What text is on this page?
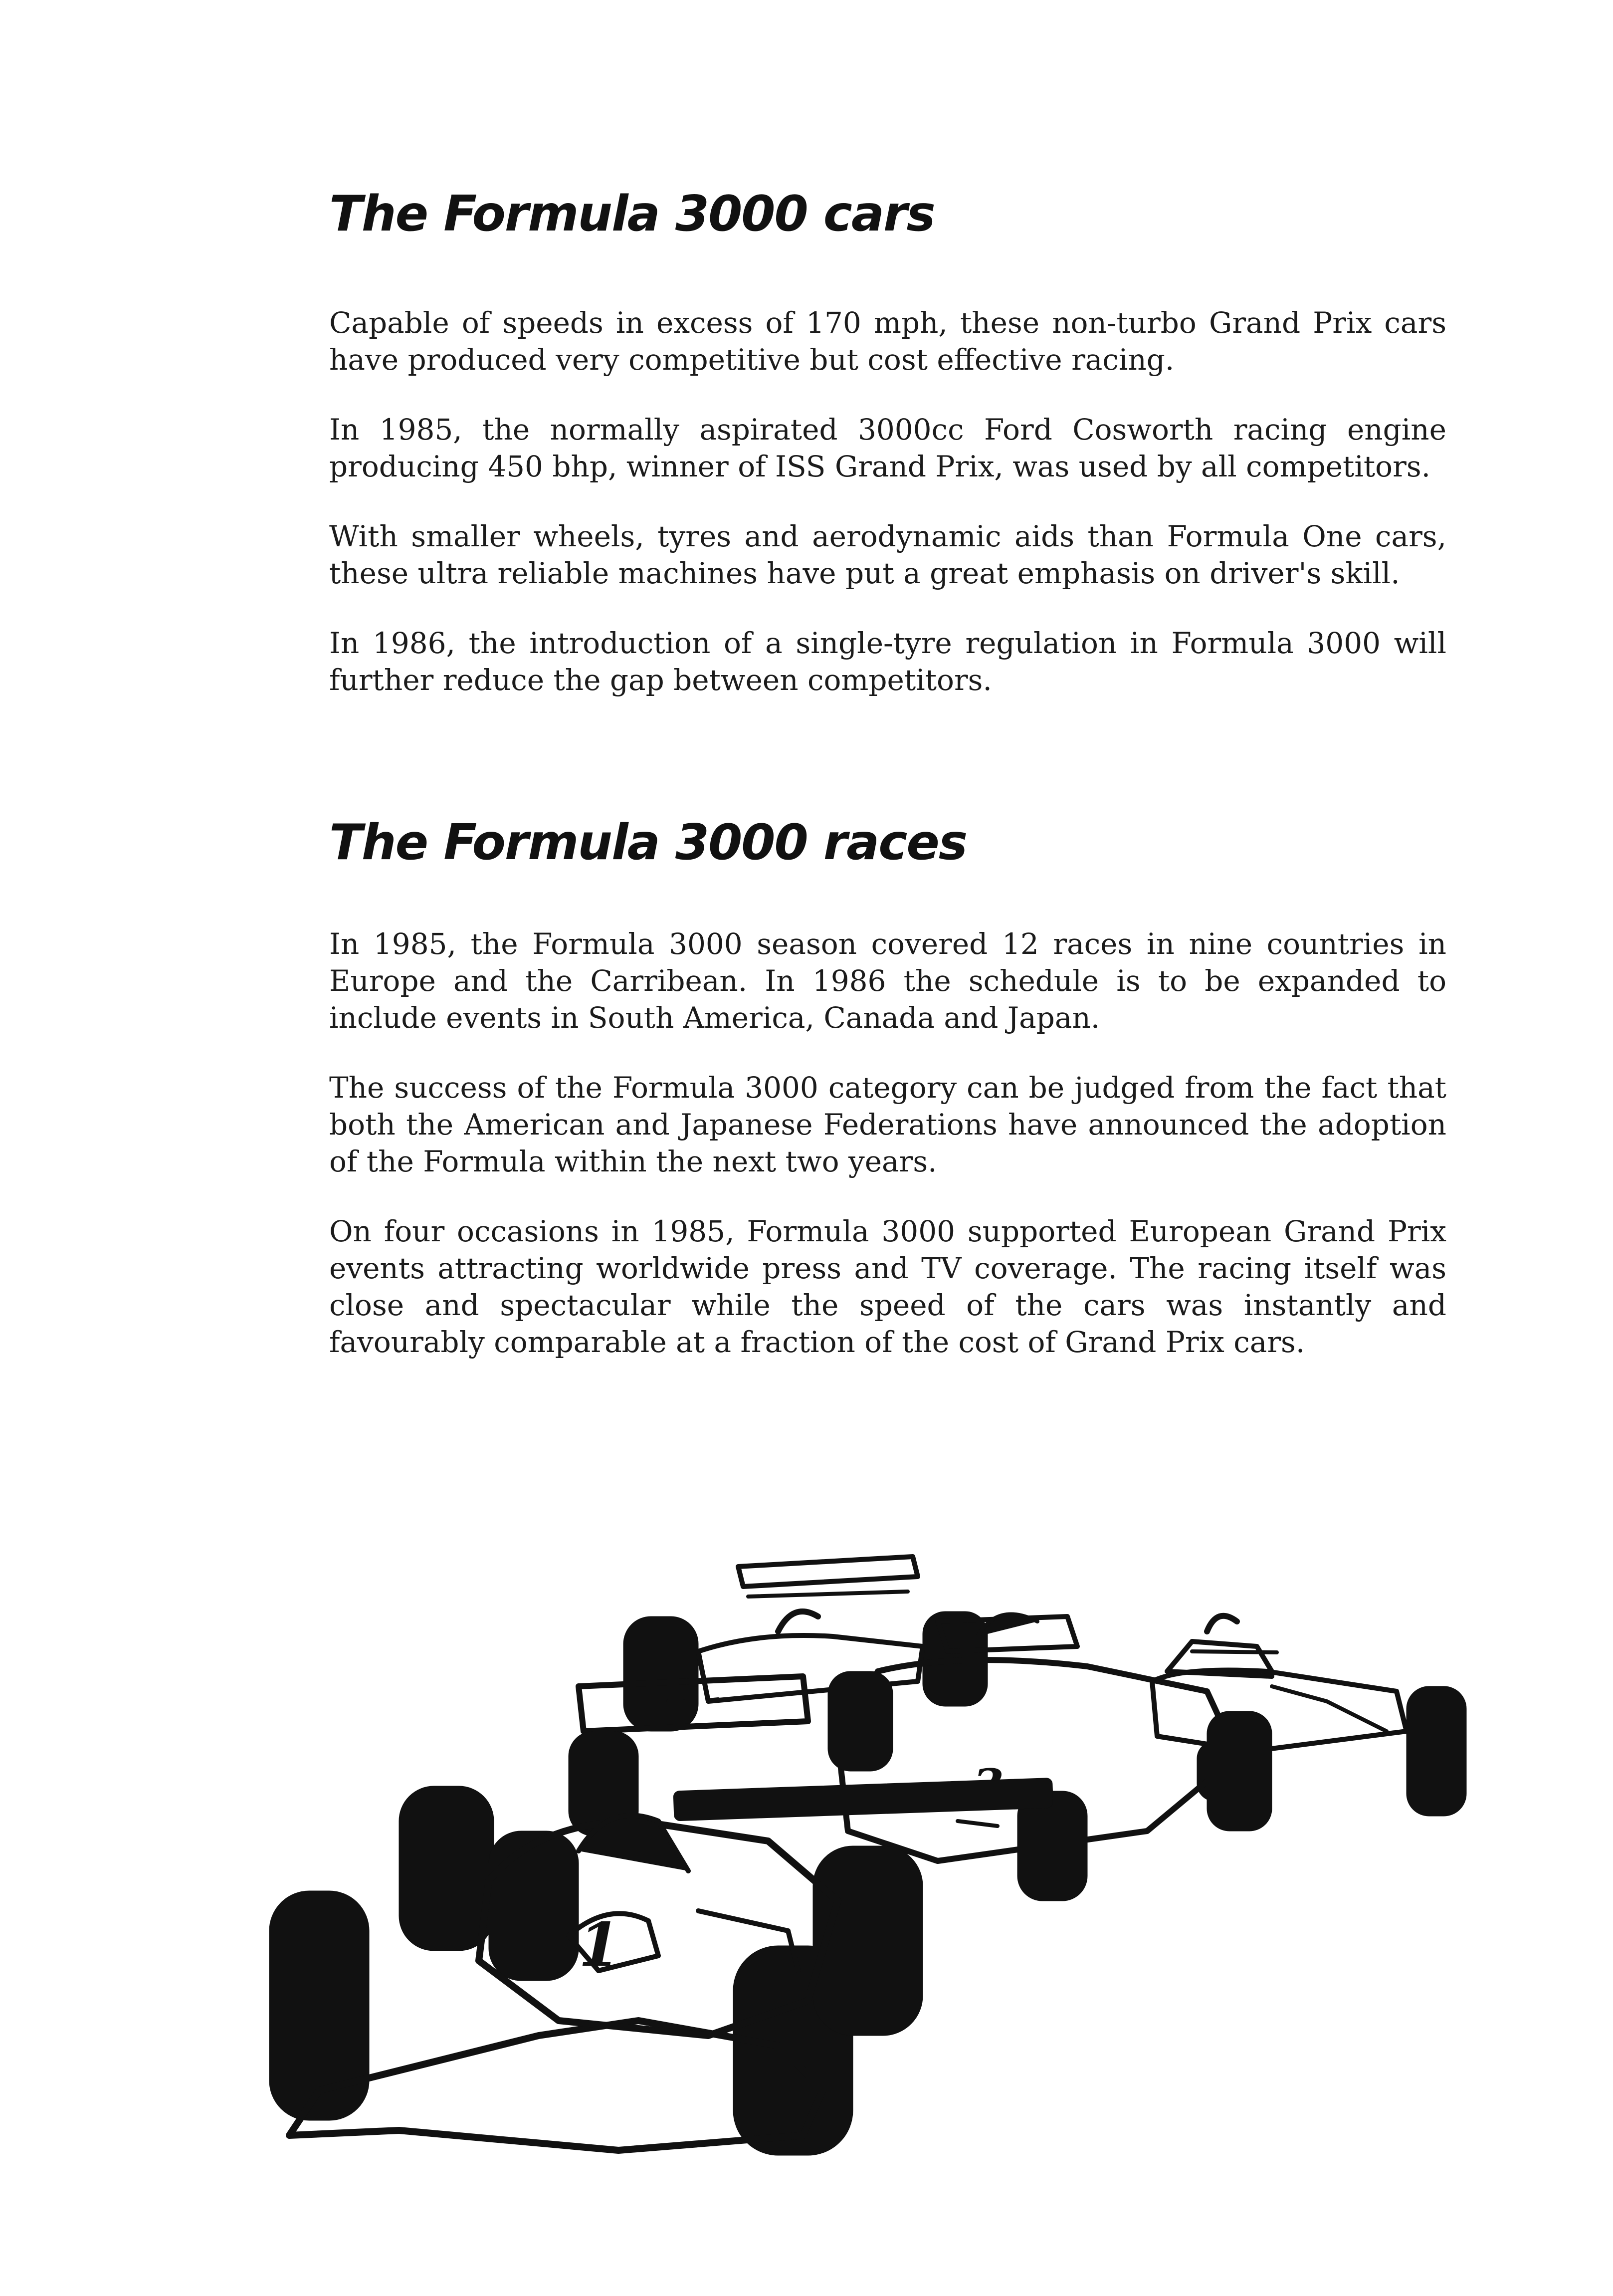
The Formula 3000 cars

Capable of speeds in excess of 170 mph, these non-turbo Grand Prix cars have produced very competitive but cost effective racing.

In 1985, the normally aspirated 3000cc Ford Cosworth racing engine producing 450 bhp, winner of ISS Grand Prix, was used by all competitors.

With smaller wheels, tyres and aerodynamic aids than Formula One cars, these ultra reliable machines have put a great emphasis on driver's skill.

In 1986, the introduction of a single-tyre regulation in Formula 3000 will further reduce the gap between competitors.

The Formula 3000 races

In 1985, the Formula 3000 season covered 12 races in nine countries in Europe and the Carribean. In 1986 the schedule is to be expanded to include events in South America, Canada and Japan.

The success of the Formula 3000 category can be judged from the fact that both the American and Japanese Federations have announced the adoption of the Formula within the next two years.

On four occasions in 1985, Formula 3000 supported European Grand Prix events attracting worldwide press and TV coverage. The racing itself was close and spectacular while the speed of the cars was instantly and favourably comparable at a fraction of the cost of Grand Prix cars.

1
